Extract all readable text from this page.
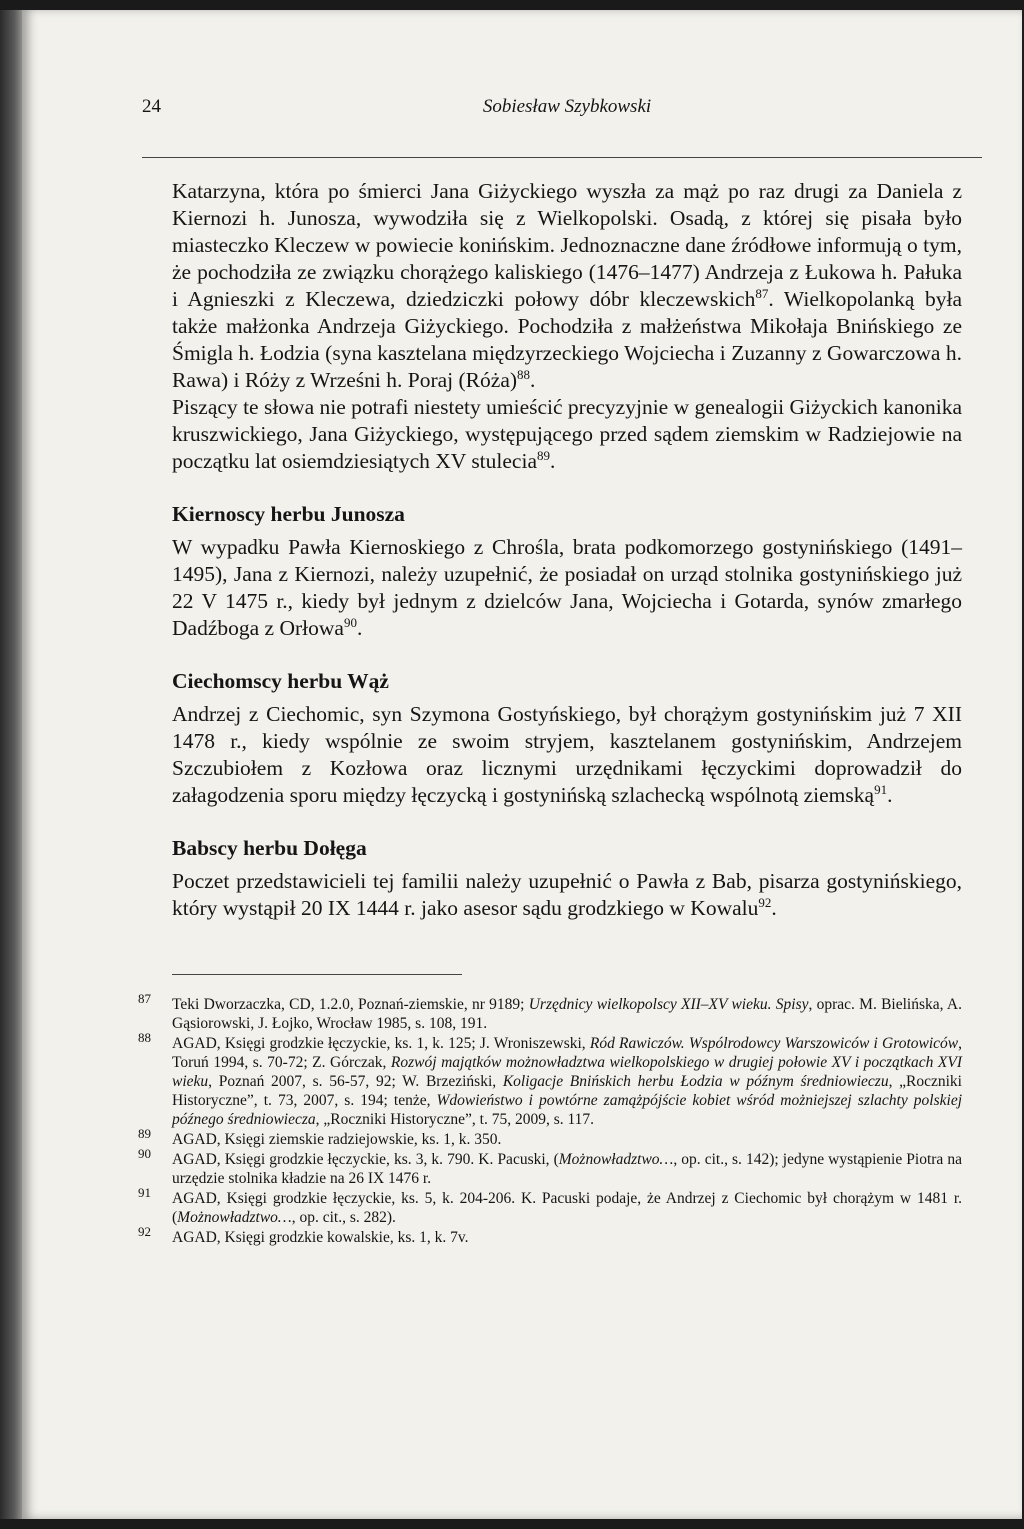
24	Sobiesław Szybkowski

Katarzyna, która po śmierci Jana Giżyckiego wyszła za mąż po raz drugi za Daniela z Kiernozi h. Junosza, wywodziła się z Wielkopolski. Osadą, z której się pisała było miasteczko Kleczew w powiecie konińskim. Jednoznaczne dane źródłowe informują o tym, że pochodziła ze związku chorążego kaliskiego (1476–1477) Andrzeja z Łukowa h. Pałuka i Agnieszki z Kleczewa, dziedziczki połowy dóbr kleczewskich$^{87}$. Wielkopolanką była także małżonka Andrzeja Giżyckiego. Pochodziła z małżeństwa Mikołaja Bnińskiego ze Śmigla h. Łodzia (syna kasztelana międzyrzeckiego Wojciecha i Zuzanny z Gowarczowa h. Rawa) i Róży z Wrześni h. Poraj (Róża)$^{88}$.

Piszący te słowa nie potrafi niestety umieścić precyzyjnie w genealogii Giżyckich kanonika kruszwickiego, Jana Giżyckiego, występującego przed sądem ziemskim w Radziejowie na początku lat osiemdziesiątych XV stulecia$^{89}$.

Kiernoscy herbu Junosza

W wypadku Pawła Kiernoskiego z Chrośla, brata podkomorzego gostynińskiego (1491–1495), Jana z Kiernozi, należy uzupełnić, że posiadał on urząd stolnika gostynińskiego już 22 V 1475 r., kiedy był jednym z dzielców Jana, Wojciecha i Gotarda, synów zmarłego Dadźboga z Orłowa$^{90}$.

Ciechomscy herbu Wąż

Andrzej z Ciechomic, syn Szymona Gostyńskiego, był chorążym gostynińskim już 7 XII 1478 r., kiedy wspólnie ze swoim stryjem, kasztelanem gostynińskim, Andrzejem Szczubiołem z Kozłowa oraz licznymi urzędnikami łęczyckimi doprowadził do załagodzenia sporu między łęczycką i gostynińską szlachecką wspólnotą ziemską$^{91}$.

Babscy herbu Dołęga

Poczet przedstawicieli tej familii należy uzupełnić o Pawła z Bab, pisarza gostynińskiego, który wystąpił 20 IX 1444 r. jako asesor sądu grodzkiego w Kowalu$^{92}$.

Teki Dworzaczka, CD, 1.2.0, Poznań-ziemskie, nr 9189; Urzędnicy wielkopolscy XII–XV wieku. Spisy, oprac. M. Bielińska, A. Gąsiorowski, J. Łojko, Wrocław 1985, s. 108, 191.

AGAD, Księgi grodzkie łęczyckie, ks. 1, k. 125; J. Wroniszewski, Ród Rawiczów. Wspólrodowcy Warszowiców i Grotowiców, Toruń 1994, s. 70-72; Z. Górczak, Rozwój majątków możnowładztwa wielkopolskiego w drugiej połowie XV i początkach XVI wieku, Poznań 2007, s. 56-57, 92; W. Brzeziński, Koligacje Bnińskich herbu Łodzia w późnym średniowieczu, „Roczniki Historyczne”, t. 73, 2007, s. 194; tenże, Wdowieństwo i powtórne zamążpójście kobiet wśród możniejszej szlachty polskiej późnego średniowiecza, „Roczniki Historyczne”, t. 75, 2009, s. 117.

AGAD, Księgi ziemskie radziejowskie, ks. 1, k. 350.

AGAD, Księgi grodzkie łęczyckie, ks. 3, k. 790. K. Pacuski, (Możnowładztwo…, op. cit., s. 142); jedyne wystąpienie Piotra na urzędzie stolnika kładzie na 26 IX 1476 r.

AGAD, Księgi grodzkie łęczyckie, ks. 5, k. 204-206. K. Pacuski podaje, że Andrzej z Ciechomic był chorążym w 1481 r. (Możnowładztwo…, op. cit., s. 282).

AGAD, Księgi grodzkie kowalskie, ks. 1, k. 7v.
